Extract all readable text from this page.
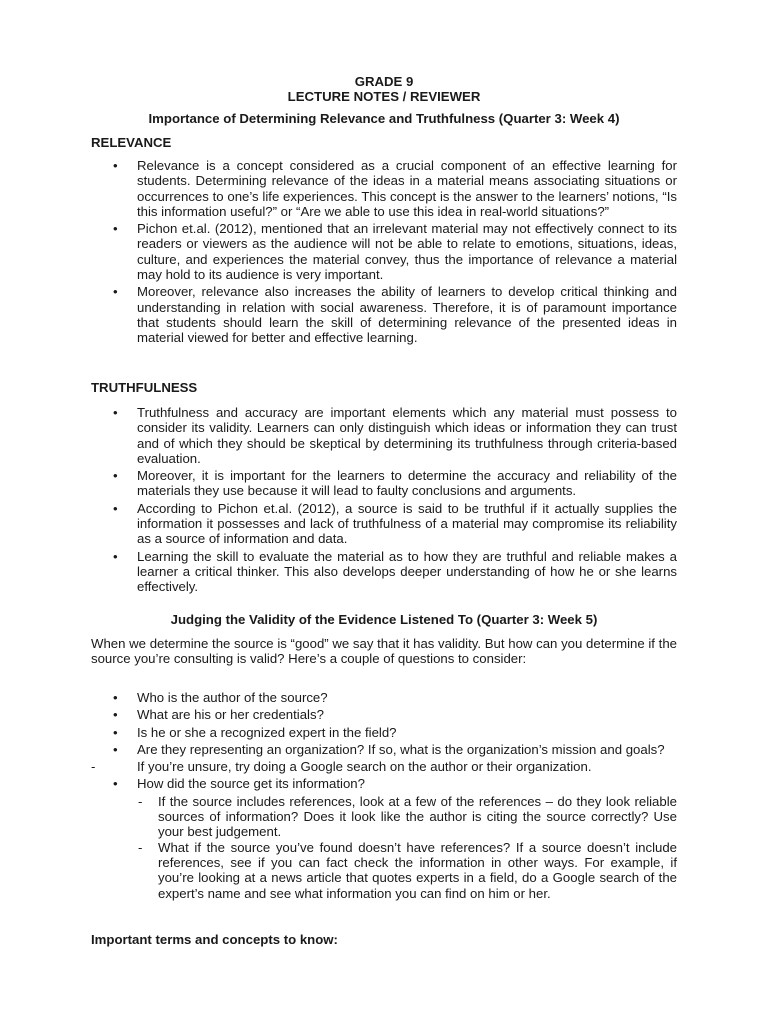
GRADE 9
LECTURE NOTES / REVIEWER
Importance of Determining Relevance and Truthfulness (Quarter 3: Week 4)
RELEVANCE
•	Relevance is a concept considered as a crucial component of an effective learning for students. Determining relevance of the ideas in a material means associating situations or occurrences to one’s life experiences. This concept is the answer to the learners’ notions, “Is this information useful?” or “Are we able to use this idea in real-world situations?”
•	Pichon et.al. (2012), mentioned that an irrelevant material may not effectively connect to its readers or viewers as the audience will not be able to relate to emotions, situations, ideas, culture, and experiences the material convey, thus the importance of relevance a material may hold to its audience is very important.
•	Moreover, relevance also increases the ability of learners to develop critical thinking and understanding in relation with social awareness. Therefore, it is of paramount importance that students should learn the skill of determining relevance of the presented ideas in material viewed for better and effective learning.
TRUTHFULNESS
•	Truthfulness and accuracy are important elements which any material must possess to consider its validity. Learners can only distinguish which ideas or information they can trust and of which they should be skeptical by determining its truthfulness through criteria-based evaluation.
•	Moreover, it is important for the learners to determine the accuracy and reliability of the materials they use because it will lead to faulty conclusions and arguments.
•	According to Pichon et.al. (2012), a source is said to be truthful if it actually supplies the information it possesses and lack of truthfulness of a material may compromise its reliability as a source of information and data.
•	Learning the skill to evaluate the material as to how they are truthful and reliable makes a learner a critical thinker. This also develops deeper understanding of how he or she learns effectively.
Judging the Validity of the Evidence Listened To (Quarter 3: Week 5)

When we determine the source is “good” we say that it has validity. But how can you determine if the source you’re consulting is valid? Here’s a couple of questions to consider:

•	Who is the author of the source?
•	What are his or her credentials?
•	Is he or she a recognized expert in the field?
•	Are they representing an organization? If so, what is the organization’s mission and goals?
-	If you’re unsure, try doing a Google search on the author or their organization.
•	How did the source get its information?
-	If the source includes references, look at a few of the references – do they look reliable sources of information? Does it look like the author is citing the source correctly? Use your best judgement.
-	What if the source you’ve found doesn’t have references? If a source doesn’t include references, see if you can fact check the information in other ways. For example, if you’re looking at a news article that quotes experts in a field, do a Google search of the expert’s name and see what information you can find on him or her.
Important terms and concepts to know:
